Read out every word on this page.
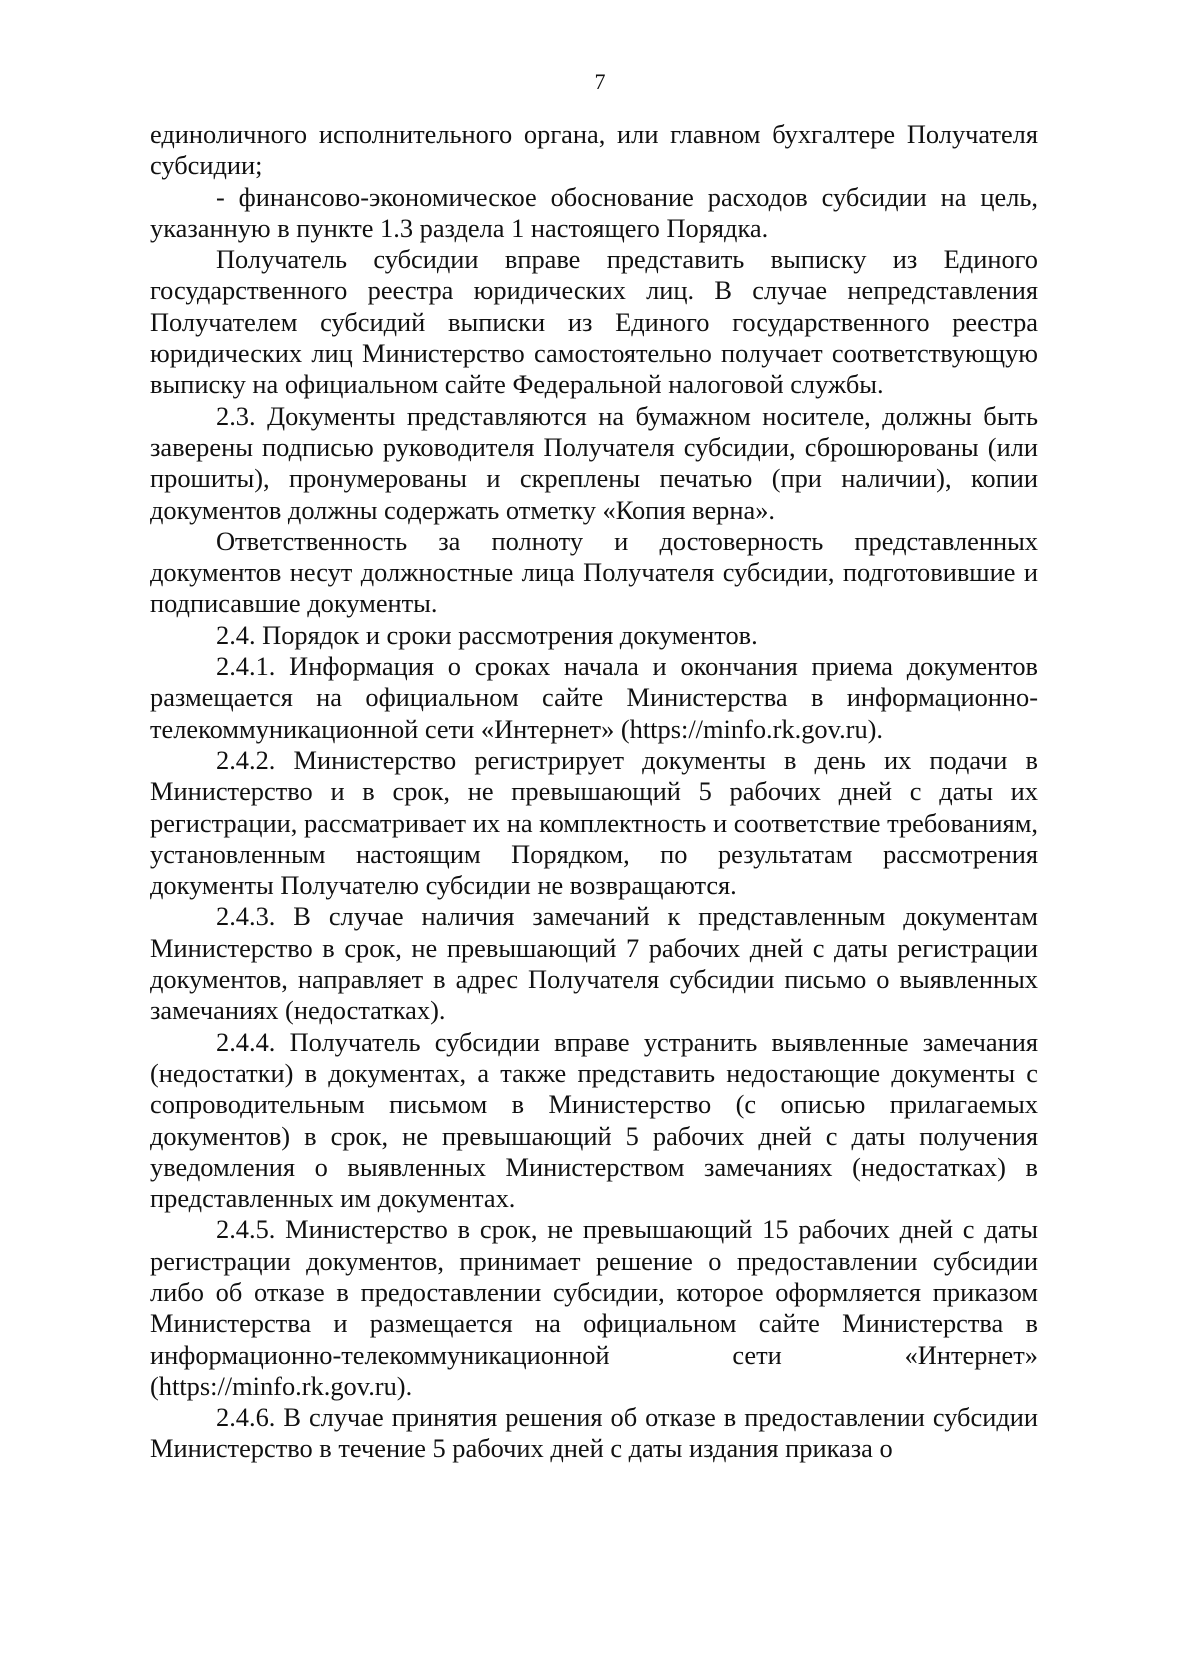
7

единоличного исполнительного органа, или главном бухгалтере Получателя субсидии;

- финансово-экономическое обоснование расходов субсидии на цель, указанную в пункте 1.3 раздела 1 настоящего Порядка.

Получатель субсидии вправе представить выписку из Единого государственного реестра юридических лиц. В случае непредставления Получателем субсидий выписки из Единого государственного реестра юридических лиц Министерство самостоятельно получает соответствующую выписку на официальном сайте Федеральной налоговой службы.

2.3. Документы представляются на бумажном носителе, должны быть заверены подписью руководителя Получателя субсидии, сброшюрованы (или прошиты), пронумерованы и скреплены печатью (при наличии), копии документов должны содержать отметку «Копия верна».

Ответственность за полноту и достоверность представленных документов несут должностные лица Получателя субсидии, подготовившие и подписавшие документы.

2.4. Порядок и сроки рассмотрения документов.

2.4.1. Информация о сроках начала и окончания приема документов размещается на официальном сайте Министерства в информационно-телекоммуникационной сети «Интернет» (https://minfo.rk.gov.ru).

2.4.2. Министерство регистрирует документы в день их подачи в Министерство и в срок, не превышающий 5 рабочих дней с даты их регистрации, рассматривает их на комплектность и соответствие требованиям, установленным настоящим Порядком, по результатам рассмотрения документы Получателю субсидии не возвращаются.

2.4.3. В случае наличия замечаний к представленным документам Министерство в срок, не превышающий 7 рабочих дней с даты регистрации документов, направляет в адрес Получателя субсидии письмо о выявленных замечаниях (недостатках).

2.4.4. Получатель субсидии вправе устранить выявленные замечания (недостатки) в документах, а также представить недостающие документы с сопроводительным письмом в Министерство (с описью прилагаемых документов) в срок, не превышающий 5 рабочих дней с даты получения уведомления о выявленных Министерством замечаниях (недостатках) в представленных им документах.

2.4.5. Министерство в срок, не превышающий 15 рабочих дней с даты регистрации документов, принимает решение о предоставлении субсидии либо об отказе в предоставлении субсидии, которое оформляется приказом Министерства и размещается на официальном сайте Министерства в информационно-телекоммуникационной сети «Интернет» (https://minfo.rk.gov.ru).

2.4.6. В случае принятия решения об отказе в предоставлении субсидии Министерство в течение 5 рабочих дней с даты издания приказа о
